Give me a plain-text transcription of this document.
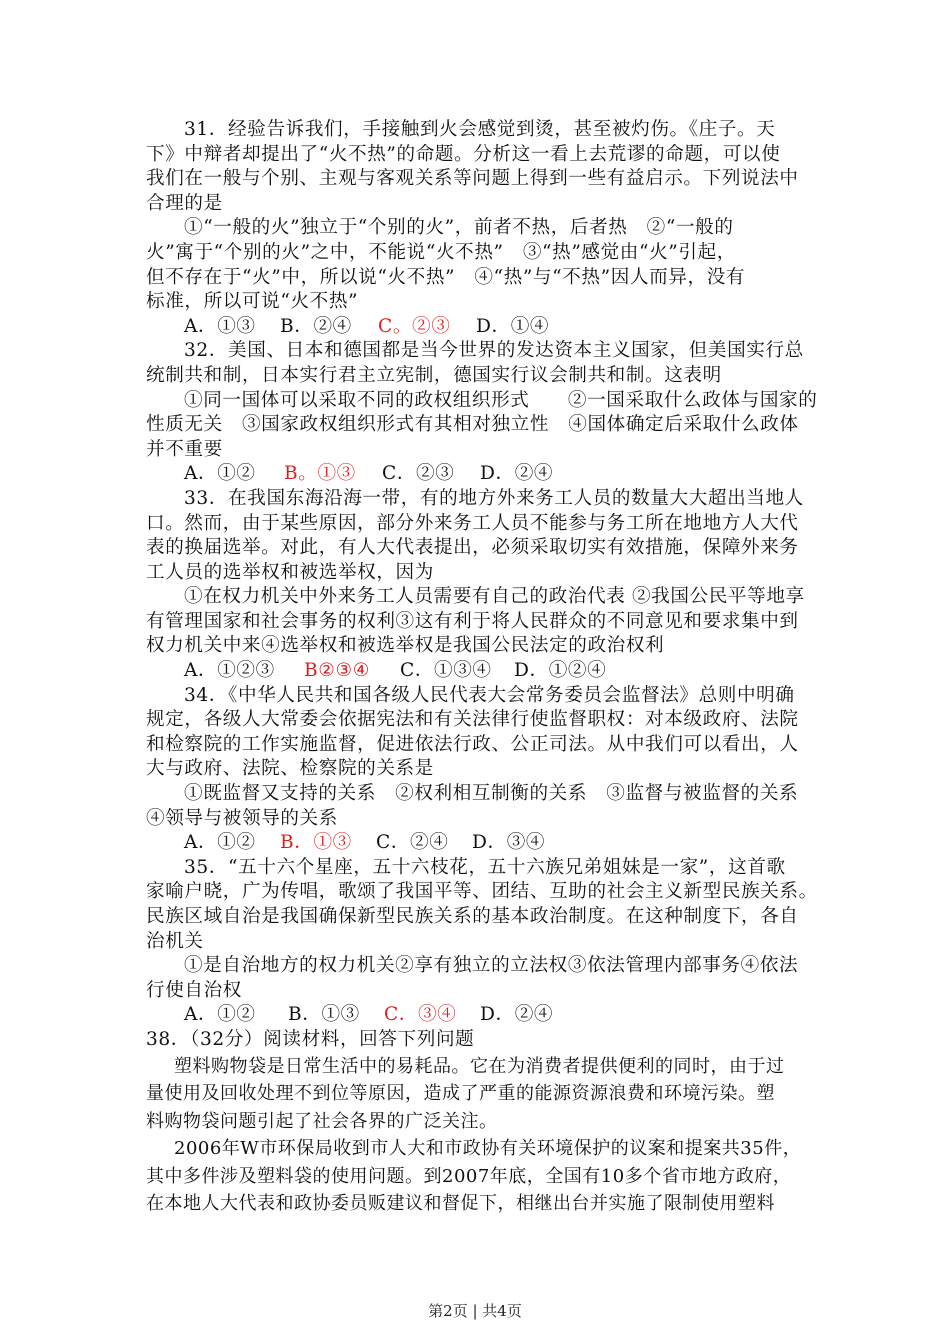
31．经验告诉我们，手接触到火会感觉到烫，甚至被灼伤。《庄子。天
下》中辩者却提出了“火不热”的命题。分析这一看上去荒谬的命题，可以使
我们在一般与个别、主观与客观关系等问题上得到一些有益启示。下列说法中
合理的是
①“一般的火”独立于“个别的火”，前者不热，后者热　②“一般的
火”寓于“个别的火”之中，不能说“火不热”　③“热”感觉由“火”引起，
但不存在于“火”中，所以说“火不热”　④“热”与“不热”因人而异，没有
标准，所以可说“火不热”
A．①③ B．②④ C。②③ D．①④
32．美国、日本和德国都是当今世界的发达资本主义国家，但美国实行总
统制共和制，日本实行君主立宪制，德国实行议会制共和制。这表明
①同一国体可以采取不同的政权组织形式　　②一国采取什么政体与国家的
性质无关　③国家政权组织形式有其相对独立性　④国体确定后采取什么政体
并不重要
A．①② B。①③ C．②③ D．②④
33．在我国东海沿海一带，有的地方外来务工人员的数量大大超出当地人
口。然而，由于某些原因，部分外来务工人员不能参与务工所在地地方人大代
表的换届选举。对此，有人大代表提出，必须采取切实有效措施，保障外来务
工人员的选举权和被选举权，因为
①在权力机关中外来务工人员需要有自己的政治代表 ②我国公民平等地享
有管理国家和社会事务的权利③这有利于将人民群众的不同意见和要求集中到
权力机关中来④选举权和被选举权是我国公民法定的政治权利
A．①②③ B②③④ C．①③④ D．①②④
34．《中华人民共和国各级人民代表大会常务委员会监督法》总则中明确
规定，各级人大常委会依据宪法和有关法律行使监督职权：对本级政府、法院
和检察院的工作实施监督，促进依法行政、公正司法。从中我们可以看出，人
大与政府、法院、检察院的关系是
①既监督又支持的关系　②权利相互制衡的关系　③监督与被监督的关系
④领导与被领导的关系
A．①② B．①③ C．②④ D．③④
35．“五十六个星座，五十六枝花，五十六族兄弟姐妹是一家”，这首歌
家喻户晓，广为传唱，歌颂了我国平等、团结、互助的社会主义新型民族关系。
民族区域自治是我国确保新型民族关系的基本政治制度。在这种制度下，各自
治机关
①是自治地方的权力机关②享有独立的立法权③依法管理内部事务④依法
行使自治权
A．①② B．①③ C．③④ D．②④
38．（32分）阅读材料，回答下列问题
塑料购物袋是日常生活中的易耗品。它在为消费者提供便利的同时，由于过
量使用及回收处理不到位等原因，造成了严重的能源资源浪费和环境污染。塑
料购物袋问题引起了社会各界的广泛关注。
2006年W市环保局收到市人大和市政协有关环境保护的议案和提案共35件，
其中多件涉及塑料袋的使用问题。到2007年底，全国有10多个省市地方政府，
在本地人大代表和政协委员贩建议和督促下，相继出台并实施了限制使用塑料
第2页 | 共4页
